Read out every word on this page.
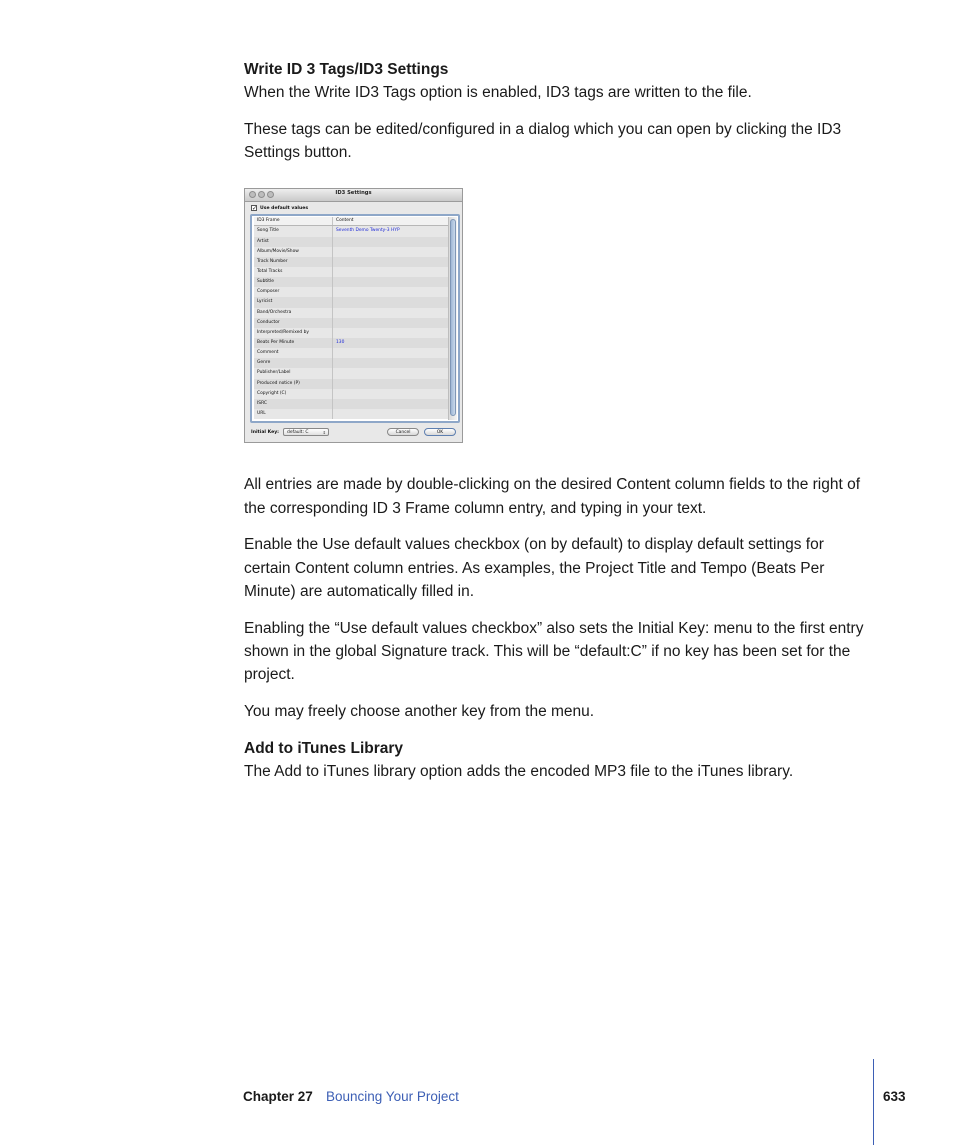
Write ID 3 Tags/ID3 Settings

When the Write ID3 Tags option is enabled, ID3 tags are written to the file.

These tags can be edited/configured in a dialog which you can open by clicking the ID3 Settings button.

ID3 Settings
✓ Use default values
ID3 Frame	Content
Song Title	Seventh Demo Twenty-3 HYP
Artist
Album/Movie/Show
Track Number
Total Tracks
Subtitle
Composer
Lyricist
Band/Orchestra
Conductor
Interpreted/Remixed by
Beats Per Minute	130
Comment
Genre
Publisher/Label
Produced notice (P)
Copyright (C)
ISRC
URL
Initial Key:	default: C	⇕	Cancel	OK

All entries are made by double-clicking on the desired Content column fields to the right of the corresponding ID 3 Frame column entry, and typing in your text.

Enable the Use default values checkbox (on by default) to display default settings for certain Content column entries. As examples, the Project Title and Tempo (Beats Per Minute) are automatically filled in.

Enabling the “Use default values checkbox” also sets the Initial Key: menu to the first entry shown in the global Signature track. This will be “default:C” if no key has been set for the project.

You may freely choose another key from the menu.

Add to iTunes Library

The Add to iTunes library option adds the encoded MP3 file to the iTunes library.

Chapter 27 Bouncing Your Project	633
